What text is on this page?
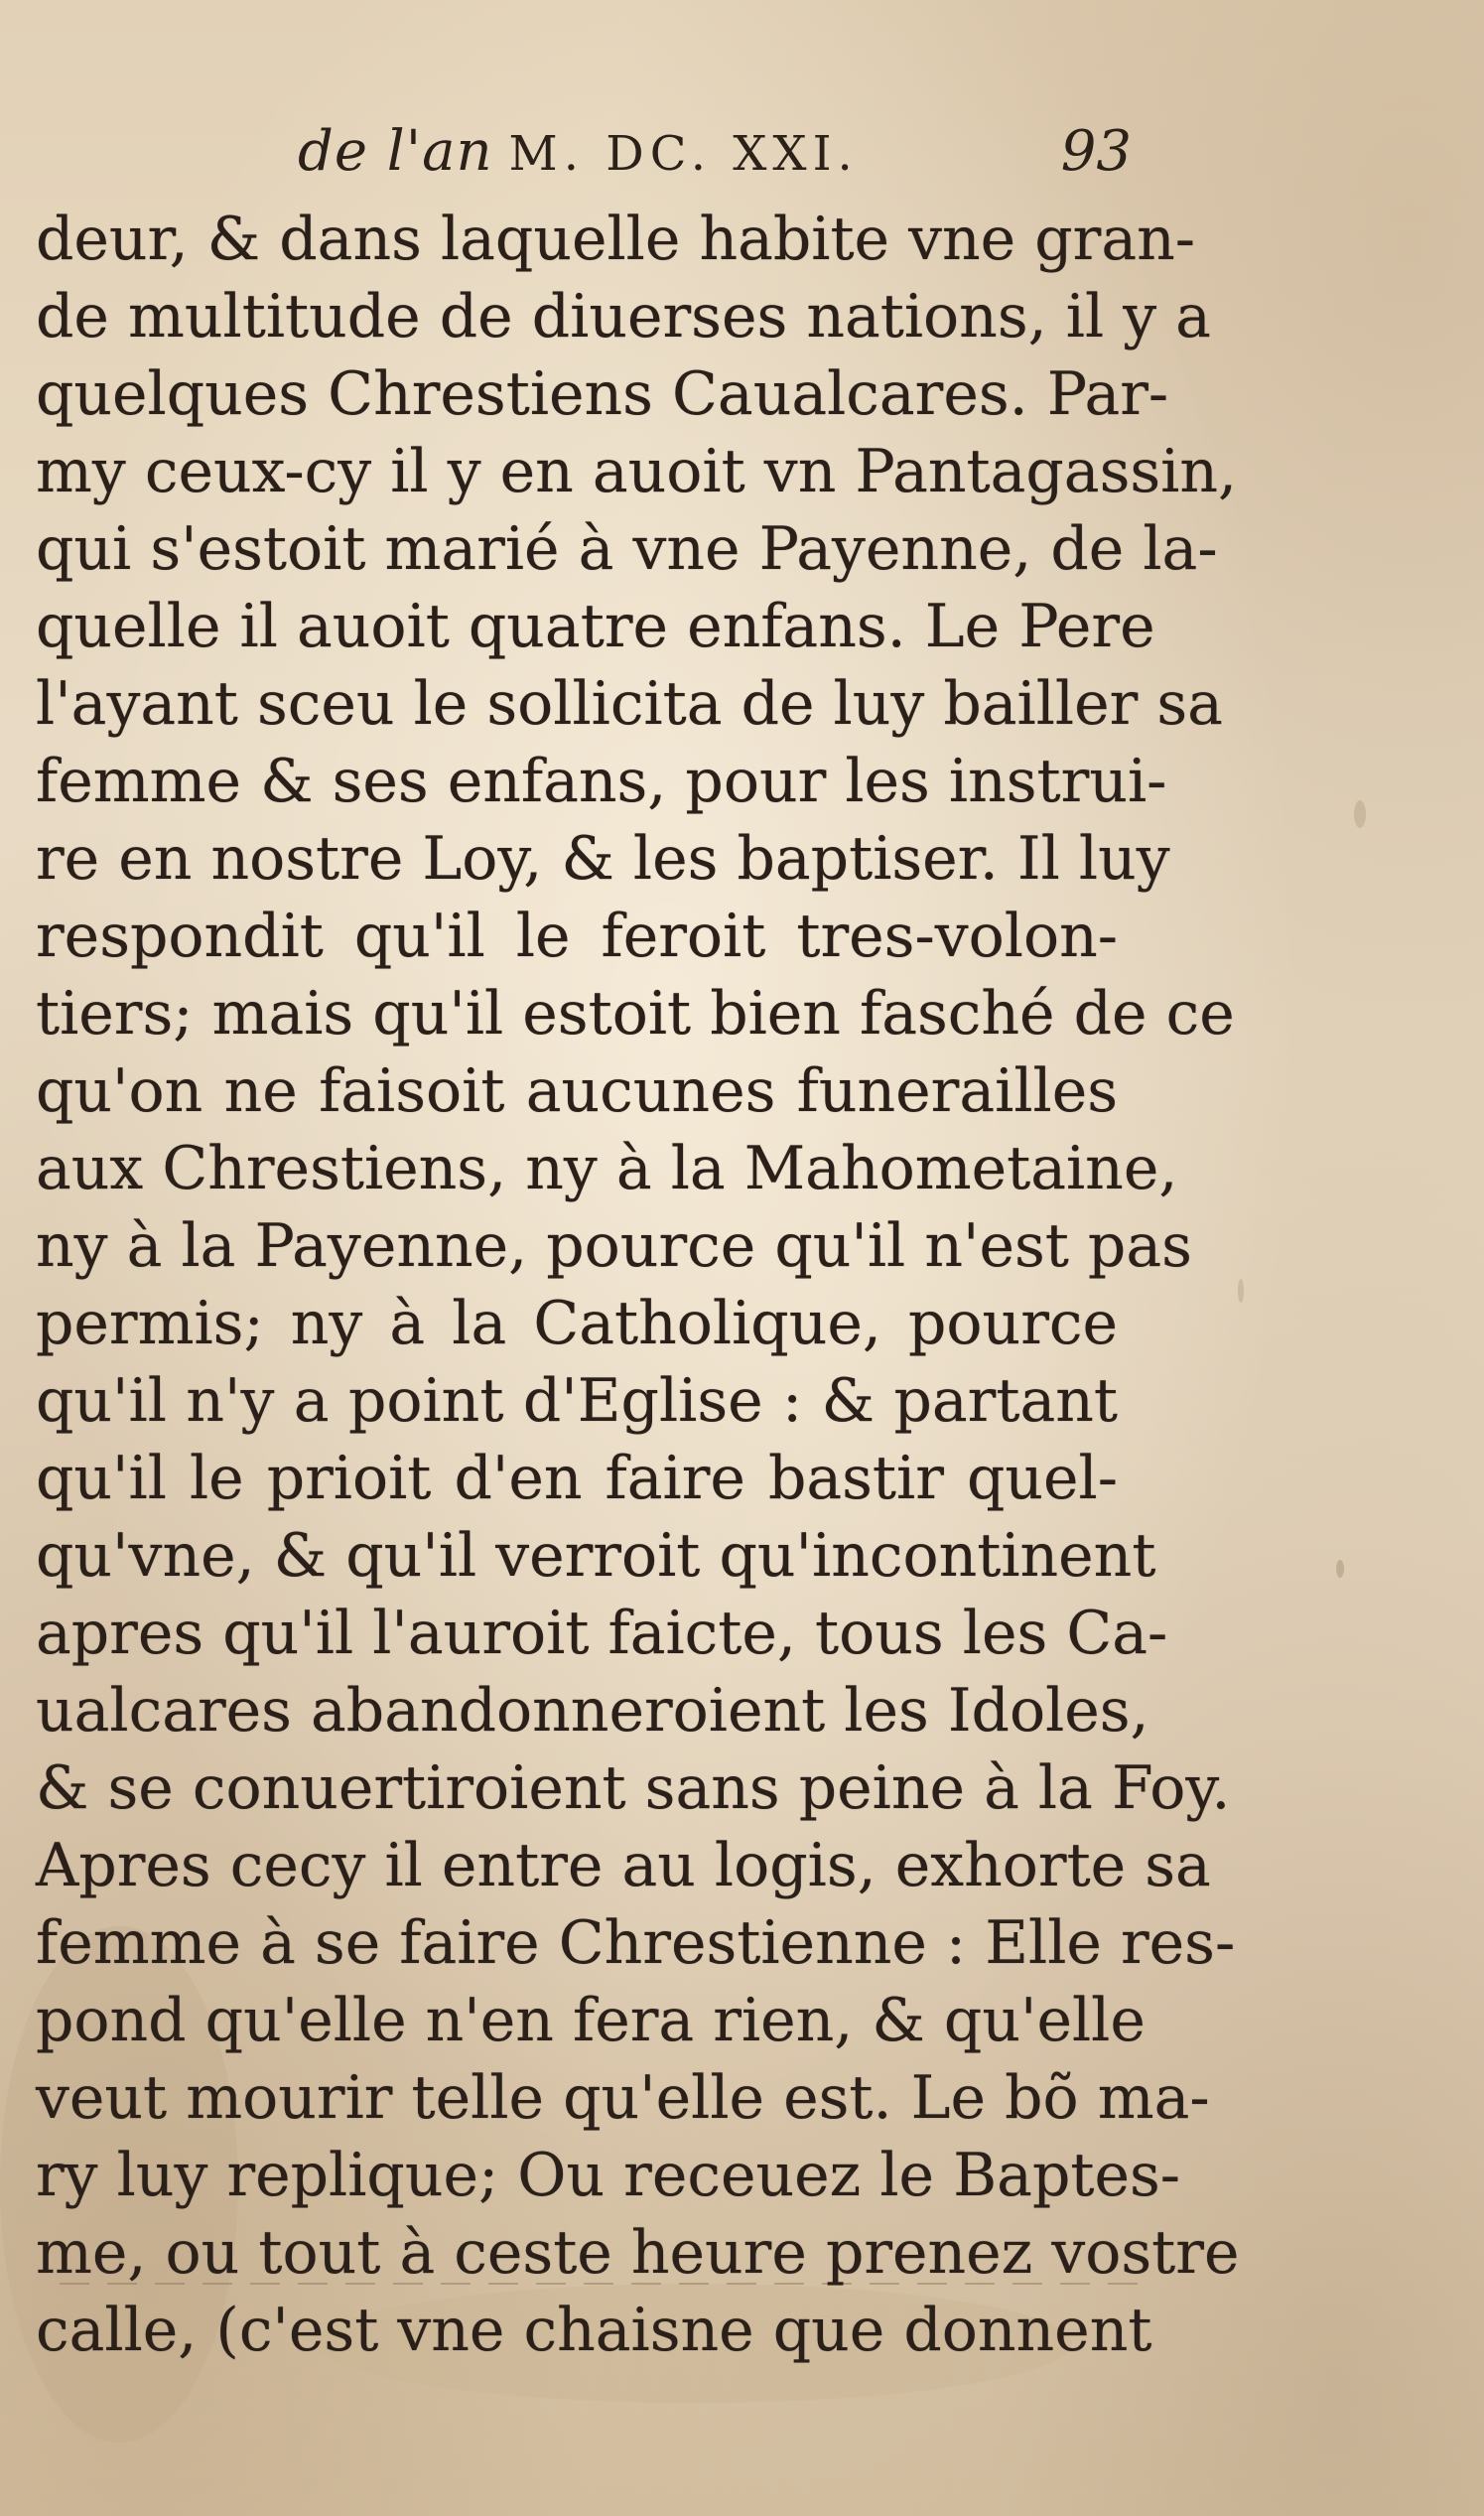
de l'an M. DC. XXI.	93
deur, & dans laquelle habite vne gran-
de multitude de diuerses nations, il y a
quelques Chrestiens Caualcares. Par-
my ceux-cy il y en auoit vn Pantagassin,
qui s'estoit marié à vne Payenne, de la-
quelle il auoit quatre enfans. Le Pere
l'ayant sceu le sollicita de luy bailler sa
femme & ses enfans, pour les instrui-
re en nostre Loy, & les baptiser. Il luy
respondit qu'il le feroit tres-volon-
tiers; mais qu'il estoit bien fasché de ce
qu'on ne faisoit aucunes funerailles
aux Chrestiens, ny à la Mahometaine,
ny à la Payenne, pource qu'il n'est pas
permis; ny à la Catholique, pource
qu'il n'y a point d'Eglise : & partant
qu'il le prioit d'en faire bastir quel-
qu'vne, & qu'il verroit qu'incontinent
apres qu'il l'auroit faicte, tous les Ca-
ualcares abandonneroient les Idoles,
& se conuertiroient sans peine à la Foy.
Apres cecy il entre au logis, exhorte sa
femme à se faire Chrestienne : Elle res-
pond qu'elle n'en fera rien, & qu'elle
veut mourir telle qu'elle est. Le bõ ma-
ry luy replique; Ou receuez le Baptes-
me, ou tout à ceste heure prenez vostre
calle, (c'est vne chaisne que donnent
